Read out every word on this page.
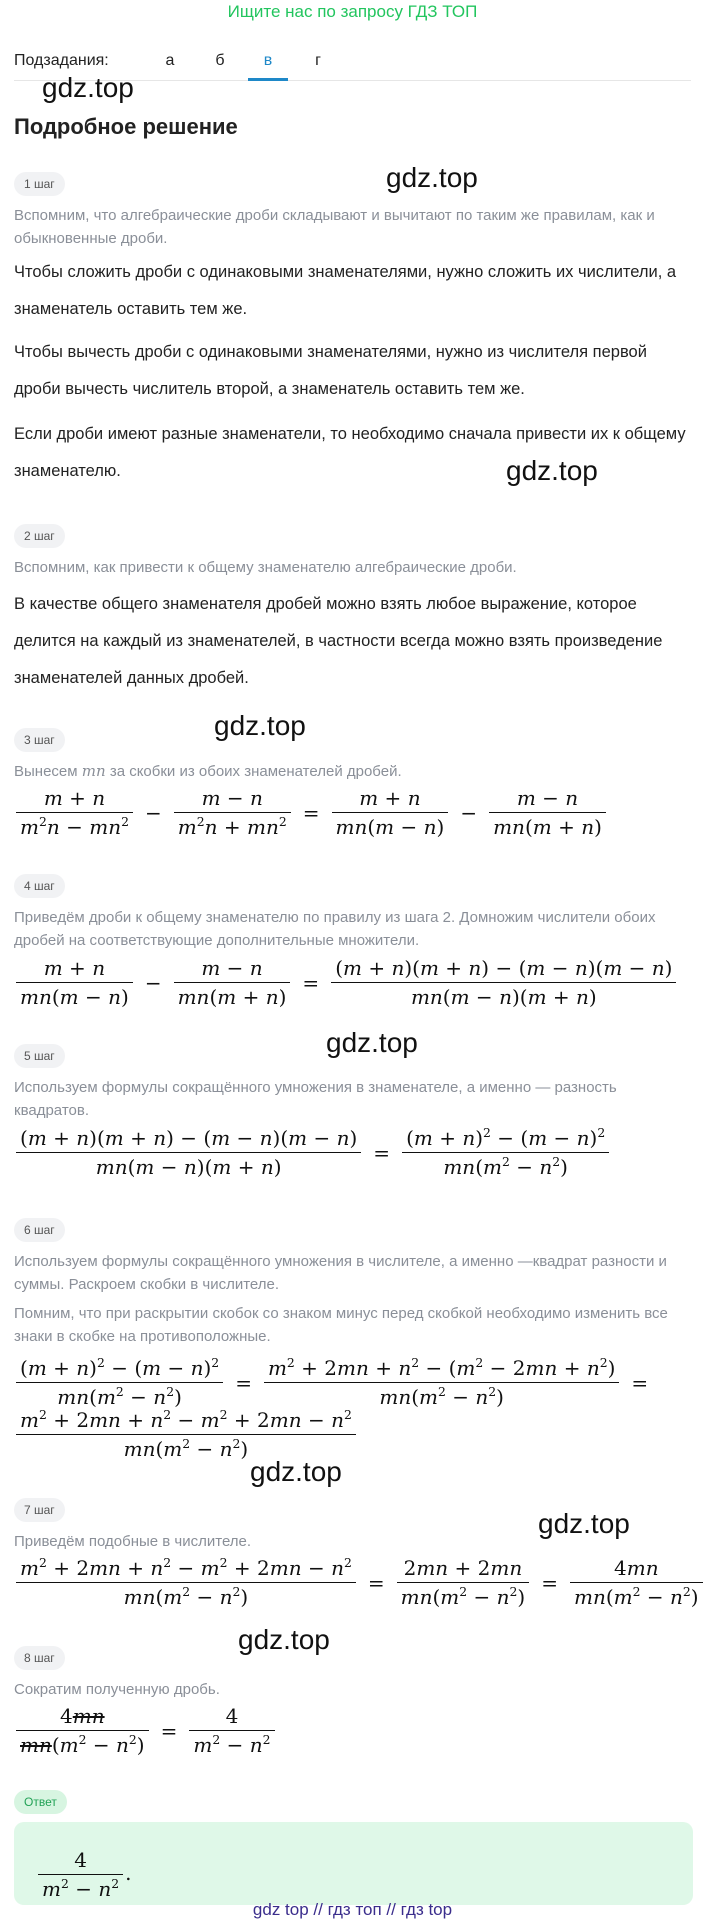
Ищите нас по запросу ГДЗ ТОП
Подзадания:	а	б	в	г
gdz.top
gdz.top
gdz.top
gdz.top
gdz.top
gdz.top
gdz.top
gdz.top
Подробное решение
1 шаг
Вспомним, что алгебраические дроби складывают и вычитают по таким же правилам, как и обыкновенные дроби.
Чтобы сложить дроби с одинаковыми знаменателями, нужно сложить их числители, а знаменатель оставить тем же.
Чтобы вычесть дроби с одинаковыми знаменателями, нужно из числителя первой дроби вычесть числитель второй, а знаменатель оставить тем же.
Если дроби имеют разные знаменатели, то необходимо сначала привести их к общему знаменателю.
2 шаг
Вспомним, как привести к общему знаменателю алгебраические дроби.
В качестве общего знаменателя дробей можно взять любое выражение, которое делится на каждый из знаменателей, в частности всегда можно взять произведение знаменателей данных дробей.
3 шаг
Вынесем mn за скобки из обоих знаменателей дробей.
$\frac{m + n}{m^2n - mn^2} - \frac{m - n}{m^2n + mn^2} = \frac{m + n}{mn(m - n)} - \frac{m - n}{mn(m + n)}$
4 шаг
Приведём дроби к общему знаменателю по правилу из шага 2. Домножим числители обоих дробей на соответствующие дополнительные множители.
$\frac{m + n}{mn(m - n)} - \frac{m - n}{mn(m + n)} = \frac{(m + n)(m + n) - (m - n)(m - n)}{mn(m - n)(m + n)}$
5 шаг
Используем формулы сокращённого умножения в знаменателе, а именно — разность квадратов.
$\frac{(m + n)(m + n) - (m - n)(m - n)}{mn(m - n)(m + n)} = \frac{(m + n)^2 - (m - n)^2}{mn(m^2 - n^2)}$
6 шаг
Используем формулы сокращённого умножения в числителе, а именно —квадрат разности и суммы. Раскроем скобки в числителе.
Помним, что при раскрытии скобок со знаком минус перед скобкой необходимо изменить все знаки в скобке на противоположные.
$\frac{(m + n)^2 - (m - n)^2}{mn(m^2 - n^2)} = \frac{m^2 + 2mn + n^2 - (m^2 - 2mn + n^2)}{mn(m^2 - n^2)}$ =
$\frac{m^2 + 2mn + n^2 - m^2 + 2mn - n^2}{mn(m^2 - n^2)}$
7 шаг
Приведём подобные в числителе.
$\frac{m^2 + 2mn + n^2 - m^2 + 2mn - n^2}{mn(m^2 - n^2)} = \frac{2mn + 2mn}{mn(m^2 - n^2)} = \frac{4mn}{mn(m^2 - n^2)}$
8 шаг
Сократим полученную дробь.
$\frac{4mn}{mn(m^2 - n^2)} = \frac{4}{m^2 - n^2}$
Ответ
$\frac{4}{m^2 - n^2}$ .
gdz top // гдз топ // гдз top
